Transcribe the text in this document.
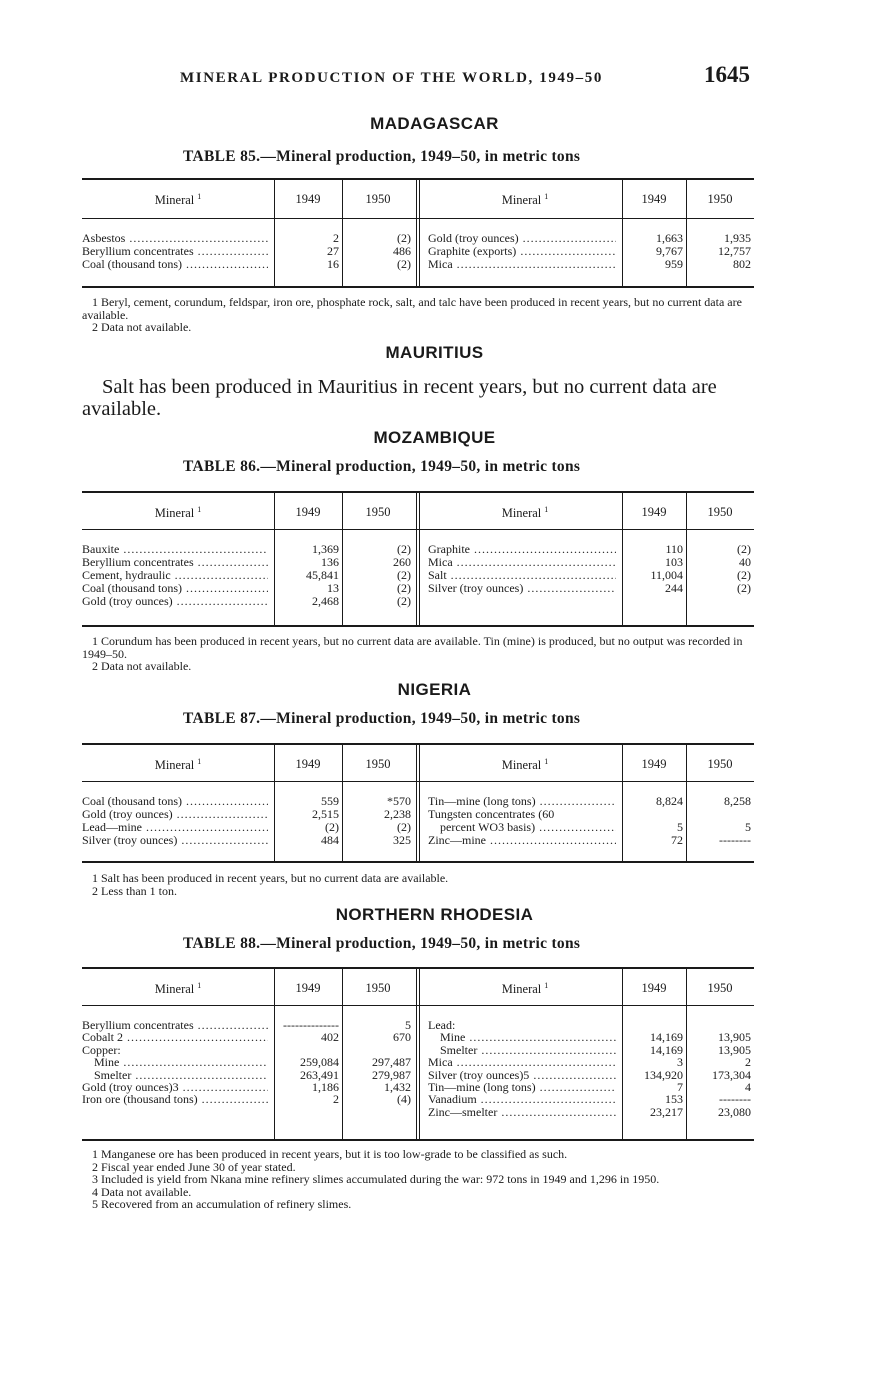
MINERAL PRODUCTION OF THE WORLD, 1949–50	1645
MADAGASCAR
TABLE 85.—Mineral production, 1949–50, in metric tons
Mineral $^1$	1949	1950	Mineral $^1$	1949	1950
Asbestos .....	2	(2)
Beryllium concentrates .....	27	486
Coal (thousand tons) .....	16	(2)
Gold (troy ounces) .....	1,663	1,935
Graphite (exports) .....	9,767	12,757
Mica .....	959	802

1 Beryl, cement, corundum, feldspar, iron ore, phosphate rock, salt, and talc have been produced in recent years, but no current data are available.

2 Data not available.

MAURITIUS

Salt has been produced in Mauritius in recent years, but no current data are available.

MOZAMBIQUE
TABLE 86.—Mineral production, 1949–50, in metric tons
Mineral $^1$	1949	1950	Mineral $^1$	1949	1950
Bauxite .....	1,369	(2)
Beryllium concentrates .....	136	260
Cement, hydraulic .....	45,841	(2)
Coal (thousand tons) .....	13	(2)
Gold (troy ounces) .....	2,468	(2)
Graphite .....	110	(2)
Mica .....	103	40
Salt .....	11,004	(2)
Silver (troy ounces) .....	244	(2)

1 Corundum has been produced in recent years, but no current data are available. Tin (mine) is produced, but no output was recorded in 1949–50.

2 Data not available.

NIGERIA
TABLE 87.—Mineral production, 1949–50, in metric tons
Mineral $^1$	1949	1950	Mineral $^1$	1949	1950
Coal (thousand tons) .....	559	*570
Gold (troy ounces) .....	2,515	2,238
Lead—mine .....	(2)	(2)
Silver (troy ounces) .....	484	325
Tin—mine (long tons) .....	8,824	8,258
Tungsten concentrates (60
percent WO3 basis) .....	5	5
Zinc—mine .....	72	--------

1 Salt has been produced in recent years, but no current data are available.

2 Less than 1 ton.

NORTHERN RHODESIA
TABLE 88.—Mineral production, 1949–50, in metric tons
Mineral $^1$	1949	1950	Mineral $^1$	1949	1950
Beryllium concentrates .....	--------------	5
Cobalt 2 .....	402	670
Copper:
Mine .....	259,084	297,487
Smelter .....	263,491	279,987
Gold (troy ounces)3 .....	1,186	1,432
Iron ore (thousand tons) .....	2	(4)
Lead:
Mine .....	14,169	13,905
Smelter .....	14,169	13,905
Mica .....	3	2
Silver (troy ounces)5 .....	134,920	173,304
Tin—mine (long tons) .....	7	4
Vanadium .....	153	--------
Zinc—smelter .....	23,217	23,080

1 Manganese ore has been produced in recent years, but it is too low-grade to be classified as such.

2 Fiscal year ended June 30 of year stated.

3 Included is yield from Nkana mine refinery slimes accumulated during the war: 972 tons in 1949 and 1,296 in 1950.

4 Data not available.

5 Recovered from an accumulation of refinery slimes.
